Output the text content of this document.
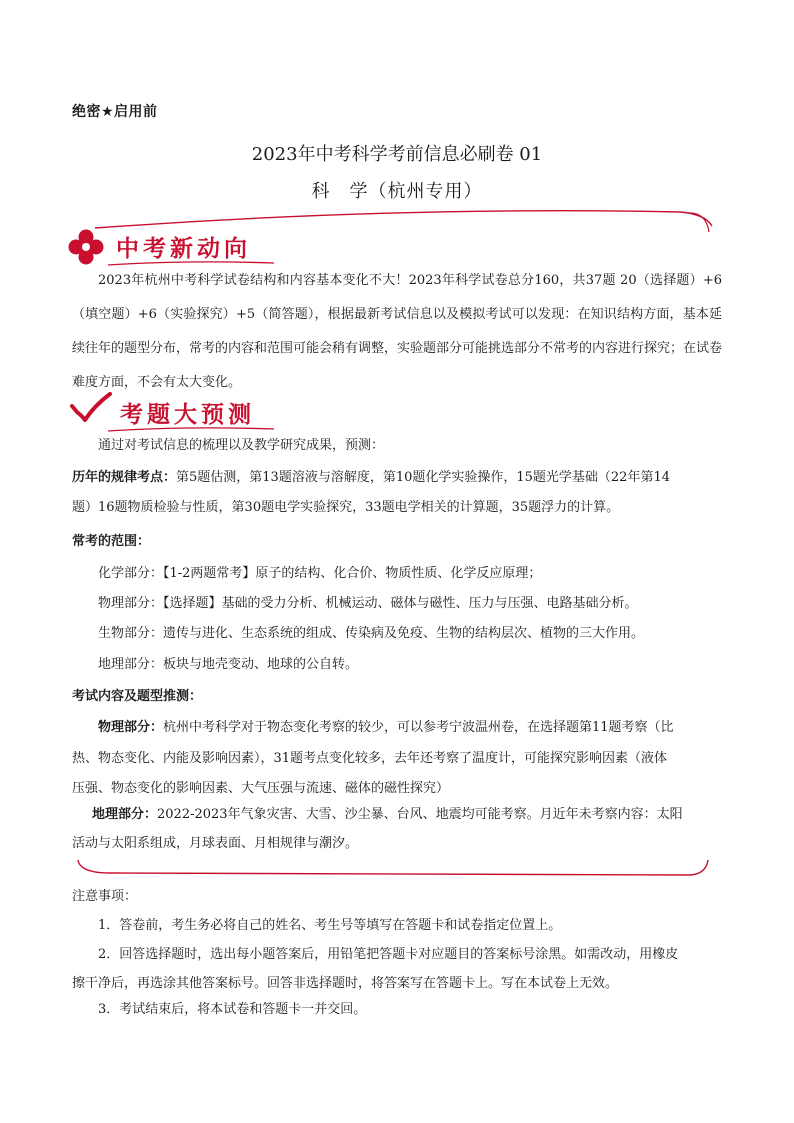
绝密★启用前
2023年中考科学考前信息必刷卷 01
科　学（杭州专用）
中考新动向
2023年杭州中考科学试卷结构和内容基本变化不大！2023年科学试卷总分160，共37题 20（选择题）+6（填空题）+6（实验探究）+5（简答题），根据最新考试信息以及模拟考试可以发现：在知识结构方面，基本延续往年的题型分布，常考的内容和范围可能会稍有调整，实验题部分可能挑选部分不常考的内容进行探究；在试卷难度方面，不会有太大变化。
考题大预测
通过对考试信息的梳理以及教学研究成果，预测：
历年的规律考点：第5题估测，第13题溶液与溶解度，第10题化学实验操作，15题光学基础（22年第14
题）16题物质检验与性质，第30题电学实验探究，33题电学相关的计算题，35题浮力的计算。
常考的范围：
化学部分：【1-2两题常考】原子的结构、化合价、物质性质、化学反应原理；
物理部分：【选择题】基础的受力分析、机械运动、磁体与磁性、压力与压强、电路基础分析。
生物部分：遗传与进化、生态系统的组成、传染病及免疫、生物的结构层次、植物的三大作用。
地理部分：板块与地壳变动、地球的公自转。
考试内容及题型推测：
物理部分：杭州中考科学对于物态变化考察的较少，可以参考宁波温州卷，在选择题第11题考察（比
热、物态变化、内能及影响因素），31题考点变化较多，去年还考察了温度计，可能探究影响因素（液体
压强、物态变化的影响因素、大气压强与流速、磁体的磁性探究）
地理部分：2022-2023年气象灾害、大雪、沙尘暴、台风、地震均可能考察。月近年未考察内容：太阳
活动与太阳系组成，月球表面、月相规律与潮汐。
注意事项：
1．答卷前，考生务必将自己的姓名、考生号等填写在答题卡和试卷指定位置上。
2．回答选择题时，选出每小题答案后，用铅笔把答题卡对应题目的答案标号涂黑。如需改动，用橡皮
擦干净后，再选涂其他答案标号。回答非选择题时，将答案写在答题卡上。写在本试卷上无效。
3．考试结束后，将本试卷和答题卡一并交回。
